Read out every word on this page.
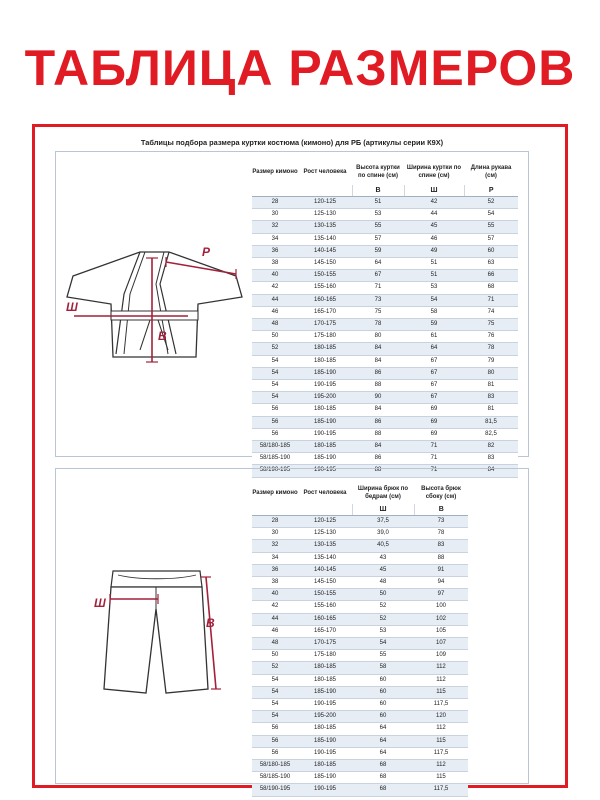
ТАБЛИЦА РАЗМЕРОВ
Таблицы подбора размера куртки костюма (кимоно) для РБ (артикулы серии К9Х)
P
Ш
В
Размер кимоно	Рост человека	Высота куртки по спине (см)	Ширина куртки по спине (см)	Длина рукава (см)
		В	Ш	Р
28	120-125	51	42	52
30	125-130	53	44	54
32	130-135	55	45	55
34	135-140	57	46	57
36	140-145	59	49	60
38	145-150	64	51	63
40	150-155	67	51	66
42	155-160	71	53	68
44	160-165	73	54	71
46	165-170	75	58	74
48	170-175	78	59	75
50	175-180	80	61	76
52	180-185	84	64	78
54	180-185	84	67	79
54	185-190	86	67	80
54	190-195	88	67	81
54	195-200	90	67	83
56	180-185	84	69	81
56	185-190	86	69	81,5
56	190-195	88	69	82,5
58/180-185	180-185	84	71	82
58/185-190	185-190	86	71	83
58/190-195	190-195	88	71	84
Ш
В
Размер кимоно	Рост человека	Ширина брюк по бедрам (см)	Высота брюк сбоку (см)
		Ш	В
28	120-125	37,5	73
30	125-130	39,0	78
32	130-135	40,5	83
34	135-140	43	88
36	140-145	45	91
38	145-150	48	94
40	150-155	50	97
42	155-160	52	100
44	160-165	52	102
46	165-170	53	105
48	170-175	54	107
50	175-180	55	109
52	180-185	58	112
54	180-185	60	112
54	185-190	60	115
54	190-195	60	117,5
54	195-200	60	120
56	180-185	64	112
56	185-190	64	115
56	190-195	64	117,5
58/180-185	180-185	68	112
58/185-190	185-190	68	115
58/190-195	190-195	68	117,5
